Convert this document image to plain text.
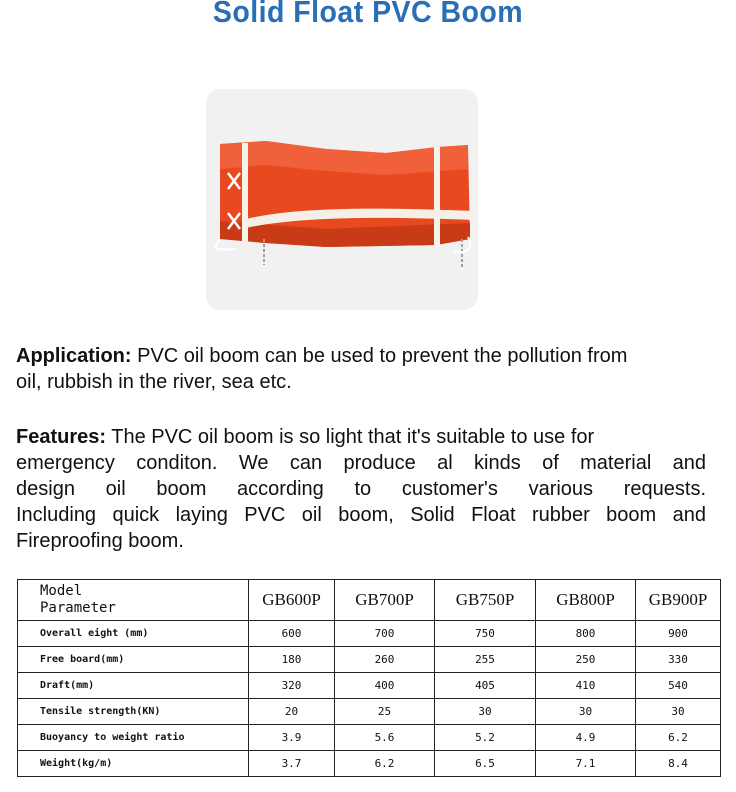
Solid Float PVC Boom
Application: PVC oil boom can be used to prevent the pollution from
oil, rubbish in the river, sea etc.
Features: The PVC oil boom is so light that it's suitable to use for
emergency conditon. We can produce al kinds of material and
design oil boom according to customer's various requests.
Including quick laying PVC oil boom, Solid Float rubber boom and
Fireproofing boom.
Model
Parameter	GB600P	GB700P	GB750P	GB800P	GB900P
Overall eight (mm)	600	700	750	800	900
Free board(mm)	180	260	255	250	330
Draft(mm)	320	400	405	410	540
Tensile strength(KN)	20	25	30	30	30
Buoyancy to weight ratio	3.9	5.6	5.2	4.9	6.2
Weight(kg/m)	3.7	6.2	6.5	7.1	8.4
